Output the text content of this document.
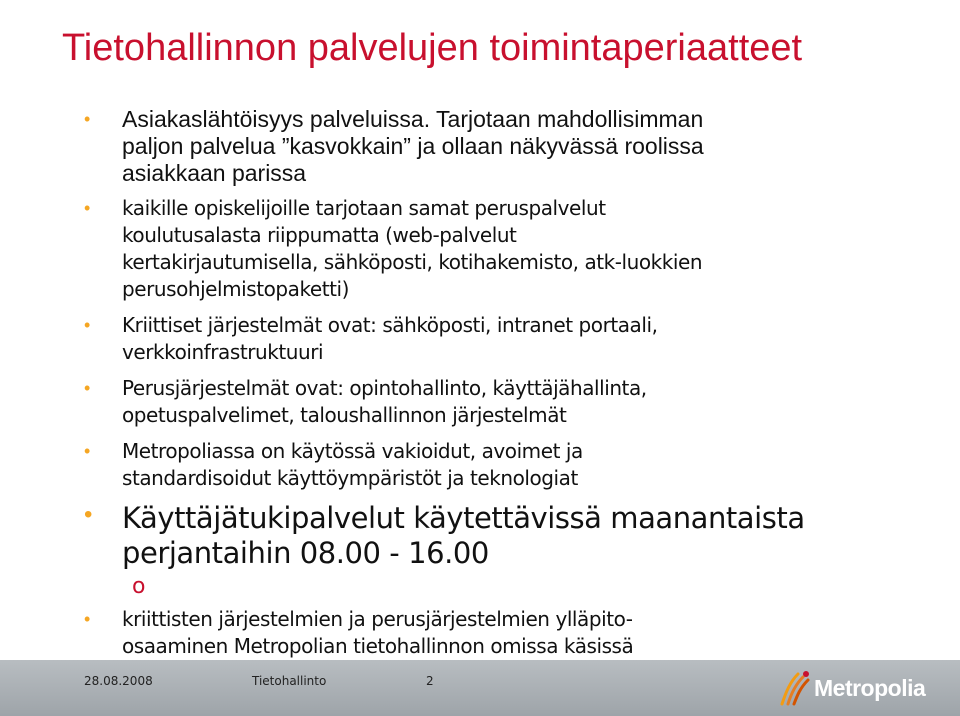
Tietohallinnon palvelujen toimintaperiaatteet
• Asiakaslähtöisyys palveluissa. Tarjotaan mahdollisimman
paljon palvelua ”kasvokkain” ja ollaan näkyvässä roolissa
asiakkaan parissa
• kaikille opiskelijoille tarjotaan samat peruspalvelut
koulutusalasta riippumatta (web-palvelut
kertakirjautumisella, sähköposti, kotihakemisto, atk-luokkien
perusohjelmistopaketti)
• Kriittiset järjestelmät ovat: sähköposti, intranet portaali,
verkkoinfrastruktuuri
• Perusjärjestelmät ovat: opintohallinto, käyttäjähallinta,
opetuspalvelimet, taloushallinnon järjestelmät
• Metropoliassa on käytössä vakioidut, avoimet ja
standardisoidut käyttöympäristöt ja teknologiat
• Käyttäjätukipalvelut käytettävissä maanantaista
perjantaihin 08.00 - 16.00
o
• kriittisten järjestelmien ja perusjärjestelmien ylläpito-
osaaminen Metropolian tietohallinnon omissa käsissä
28.08.2008	Tietohallinto	2	Metropolia
